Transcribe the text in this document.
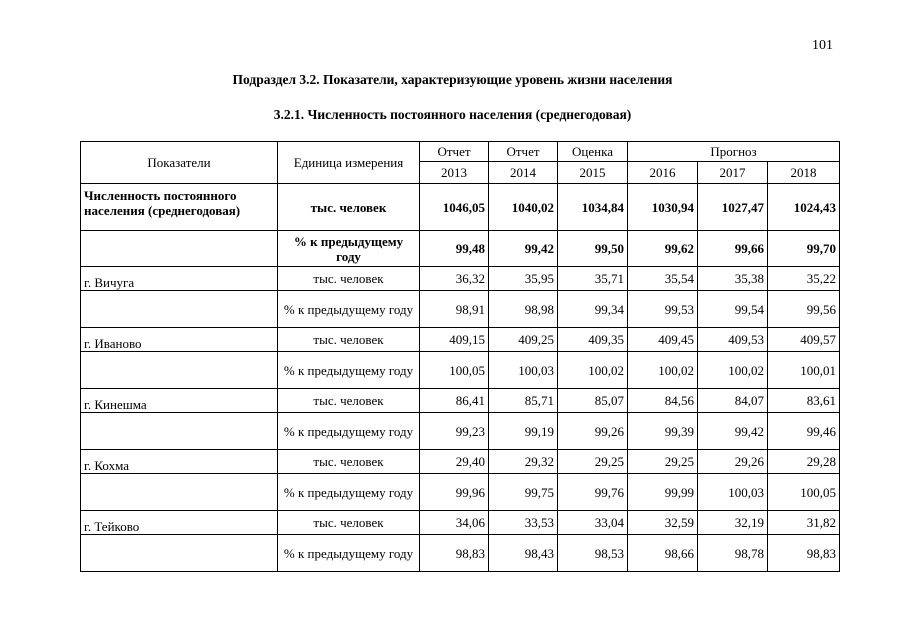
101
Подраздел 3.2. Показатели, характеризующие уровень жизни населения
3.2.1. Численность постоянного населения (среднегодовая)
Показатели	Единица измерения	Отчет	Отчет	Оценка	Прогноз		
		2013	2014	2015	2016	2017	2018
Численность постоянного населения (среднегодовая)	тыс. человек	1046,05	1040,02	1034,84	1030,94	1027,47	1024,43
	% к предыдущему году	99,48	99,42	99,50	99,62	99,66	99,70
г. Вичуга	тыс. человек	36,32	35,95	35,71	35,54	35,38	35,22
	% к предыдущему году	98,91	98,98	99,34	99,53	99,54	99,56
г. Иваново	тыс. человек	409,15	409,25	409,35	409,45	409,53	409,57
	% к предыдущему году	100,05	100,03	100,02	100,02	100,02	100,01
г. Кинешма	тыс. человек	86,41	85,71	85,07	84,56	84,07	83,61
	% к предыдущему году	99,23	99,19	99,26	99,39	99,42	99,46
г. Кохма	тыс. человек	29,40	29,32	29,25	29,25	29,26	29,28
	% к предыдущему году	99,96	99,75	99,76	99,99	100,03	100,05
г. Тейково	тыс. человек	34,06	33,53	33,04	32,59	32,19	31,82
	% к предыдущему году	98,83	98,43	98,53	98,66	98,78	98,83
